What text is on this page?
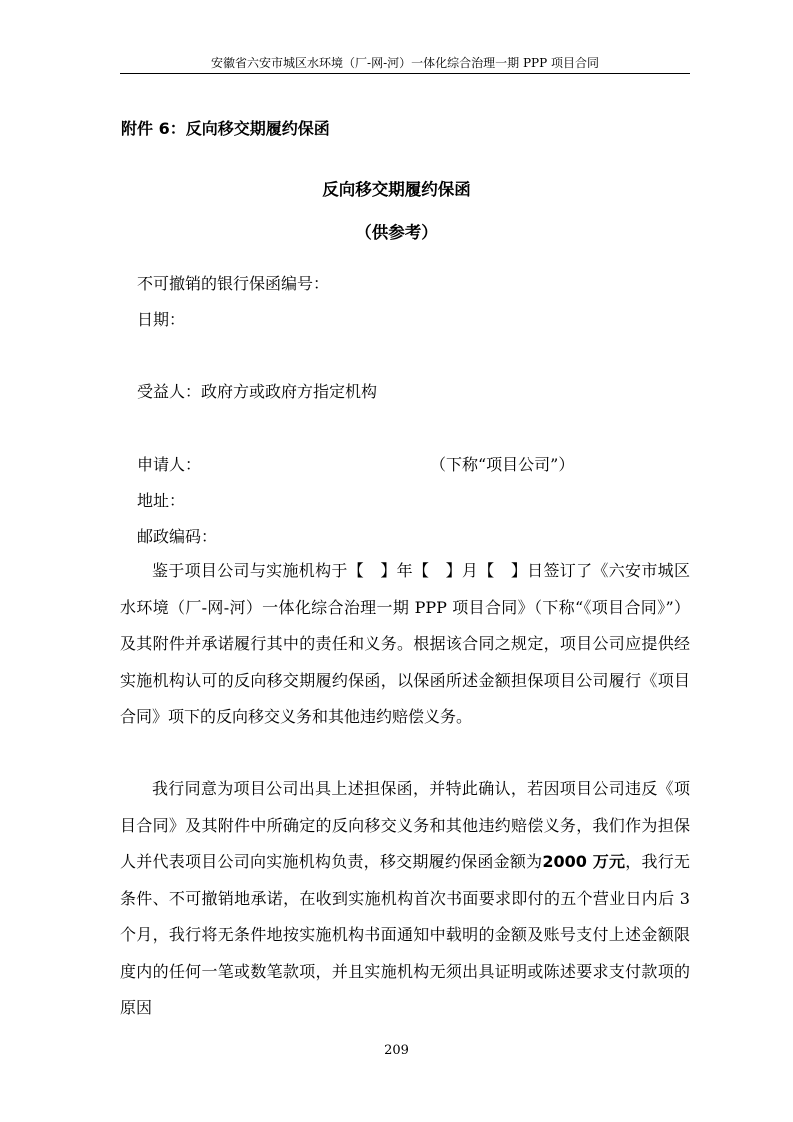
安徽省六安市城区水环境（厂-网-河）一体化综合治理一期 PPP 项目合同
附件 6：反向移交期履约保函
反向移交期履约保函
（供参考）
不可撤销的银行保函编号：
日期：
受益人：政府方或政府方指定机构
申请人：	（下称“项目公司”）
地址：
邮政编码：

鉴于项目公司与实施机构于【　】年【　】月【　】日签订了《六安市城区水环境（厂-网-河）一体化综合治理一期 PPP 项目合同》（下称“《项目合同》”）及其附件并承诺履行其中的责任和义务。根据该合同之规定，项目公司应提供经实施机构认可的反向移交期履约保函，以保函所述金额担保项目公司履行《项目合同》项下的反向移交义务和其他违约赔偿义务。

我行同意为项目公司出具上述担保函，并特此确认，若因项目公司违反《项目合同》及其附件中所确定的反向移交义务和其他违约赔偿义务，我们作为担保人并代表项目公司向实施机构负责，移交期履约保函金额为2000 万元，我行无条件、不可撤销地承诺，在收到实施机构首次书面要求即付的五个营业日内后 3 个月，我行将无条件地按实施机构书面通知中载明的金额及账号支付上述金额限度内的任何一笔或数笔款项，并且实施机构无须出具证明或陈述要求支付款项的原因

209
